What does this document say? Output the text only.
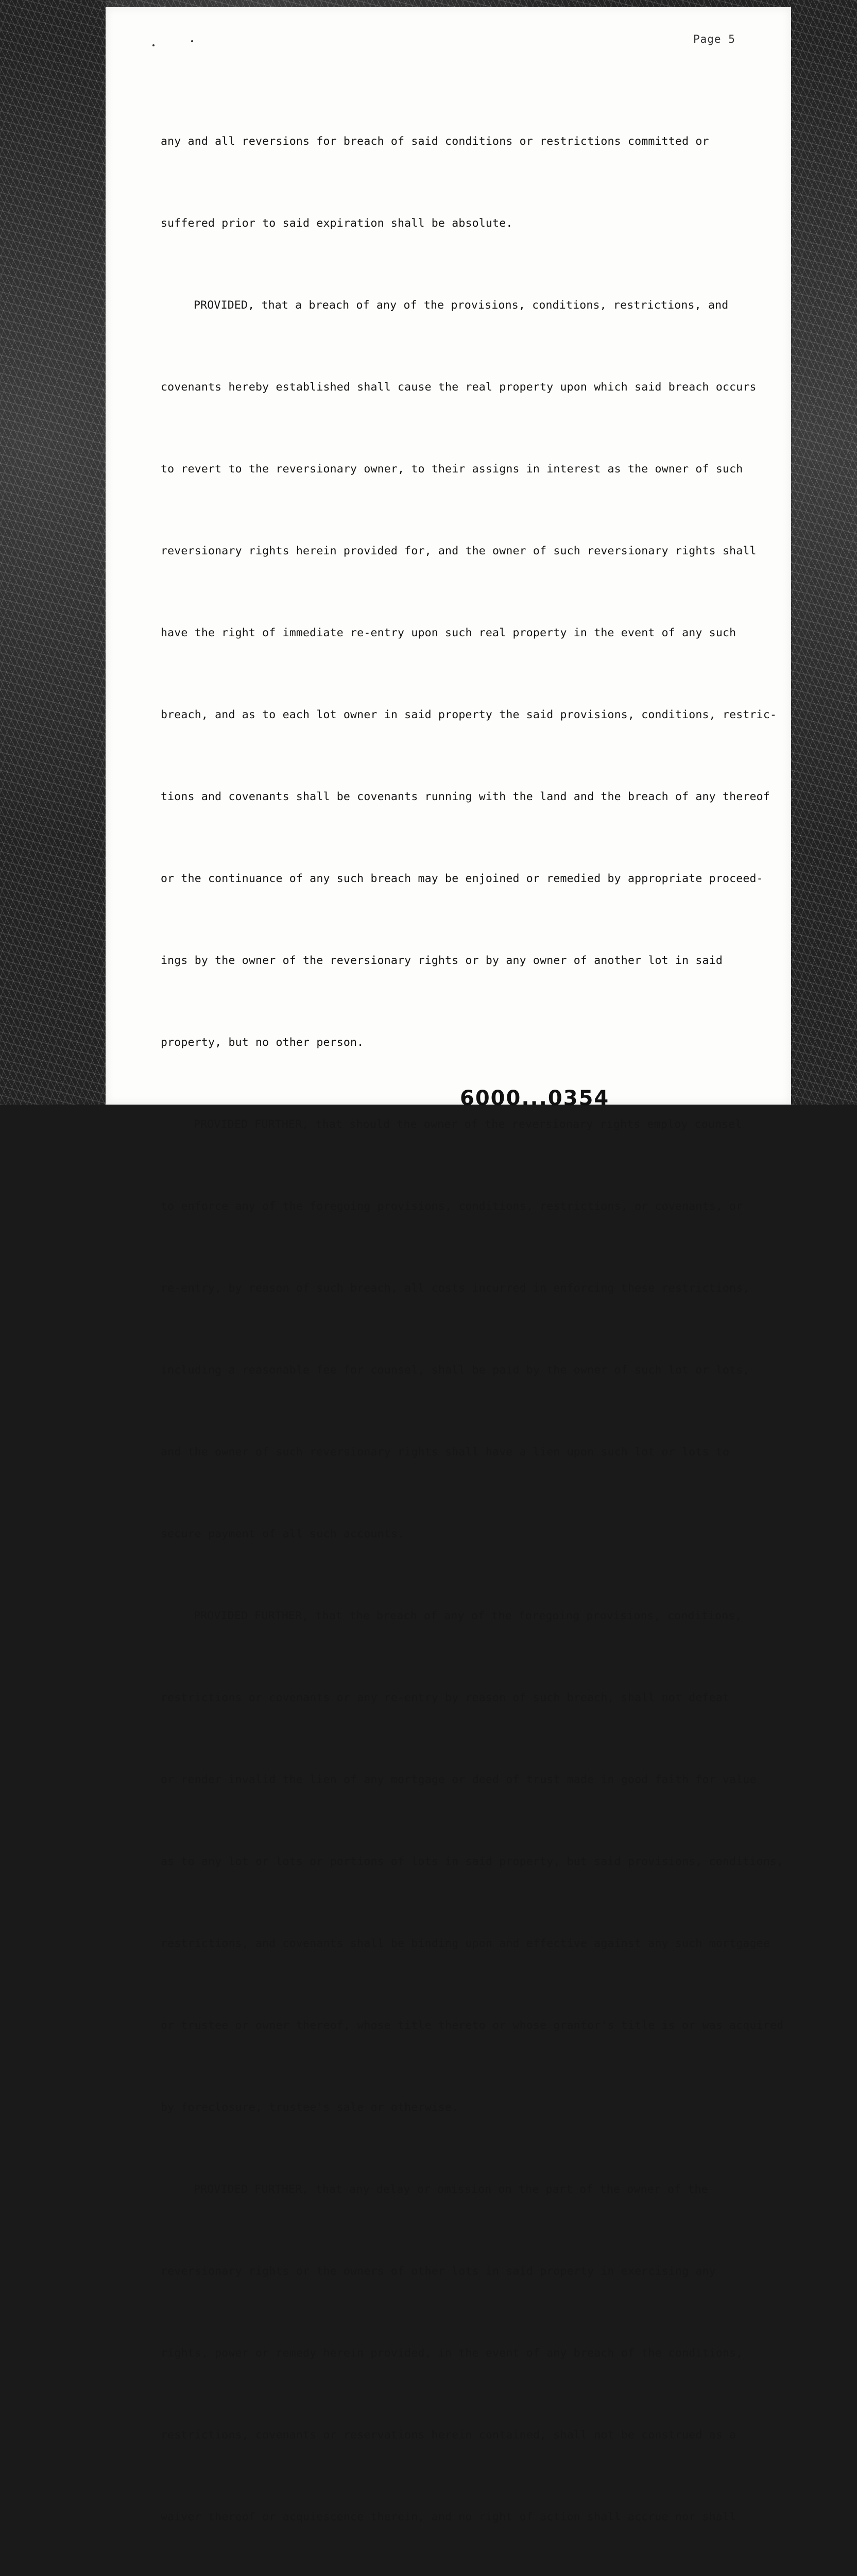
Page 5

any and all reversions for breach of said conditions or restrictions committed or

suffered prior to said expiration shall be absolute.

PROVIDED, that a breach of any of the provisions, conditions, restrictions, and

covenants hereby established shall cause the real property upon which said breach occurs

to revert to the reversionary owner, to their assigns in interest as the owner of such

reversionary rights herein provided for, and the owner of such reversionary rights shall

have the right of immediate re-entry upon such real property in the event of any such

breach, and as to each lot owner in said property the said provisions, conditions, restric-

tions and covenants shall be covenants running with the land and the breach of any thereof

or the continuance of any such breach may be enjoined or remedied by appropriate proceed-

ings by the owner of the reversionary rights or by any owner of another lot in said

property, but no other person.

PROVIDED FURTHER, that should the owner of the reversionary rights employ counsel

to enforce any of the foregoing provisions, conditions, restrictions, or covenants, or

re-entry, by reason of such breach, all costs incurred in enforcing these restrictions,

including a reasonable fee for counsel, shall be paid by the owner of such lot or lots,

and the owner of such reversionary rights shall have a lien upon such lot or lots to

secure payment of all such accounts.

PROVIDED FURTHER, that the breach of any of the foregoing provisions, conditions,

restrictions or covenants or any re-entry by reason of such breach, shall not defeat

or render invalid the lien of any mortgage or deed of trust made in good faith for value

as to any lot or lots or portions of lots in said property, but said provisions, conditions,

restrictions, and covenants shall be binding upon and effective against any such mortgagee

or trustee or owner thereof, whose title thereto or whose grantor's title is or was acquired

by foreclosure, trustee's sale or otherwise.

PROVIDED FURTHER, that any delay or omission on the part of the owner of the

reversionary rights or the owners of other lots in said property in exercising any

rights, power or remedy herein provided, in the event of any breach of the conditions,

restrictions, covenants or reservations herein contained, shall not be construed as a

waiver thereof or acquiescence therein, and no right of action shall accrue nor shall

6000...0354
